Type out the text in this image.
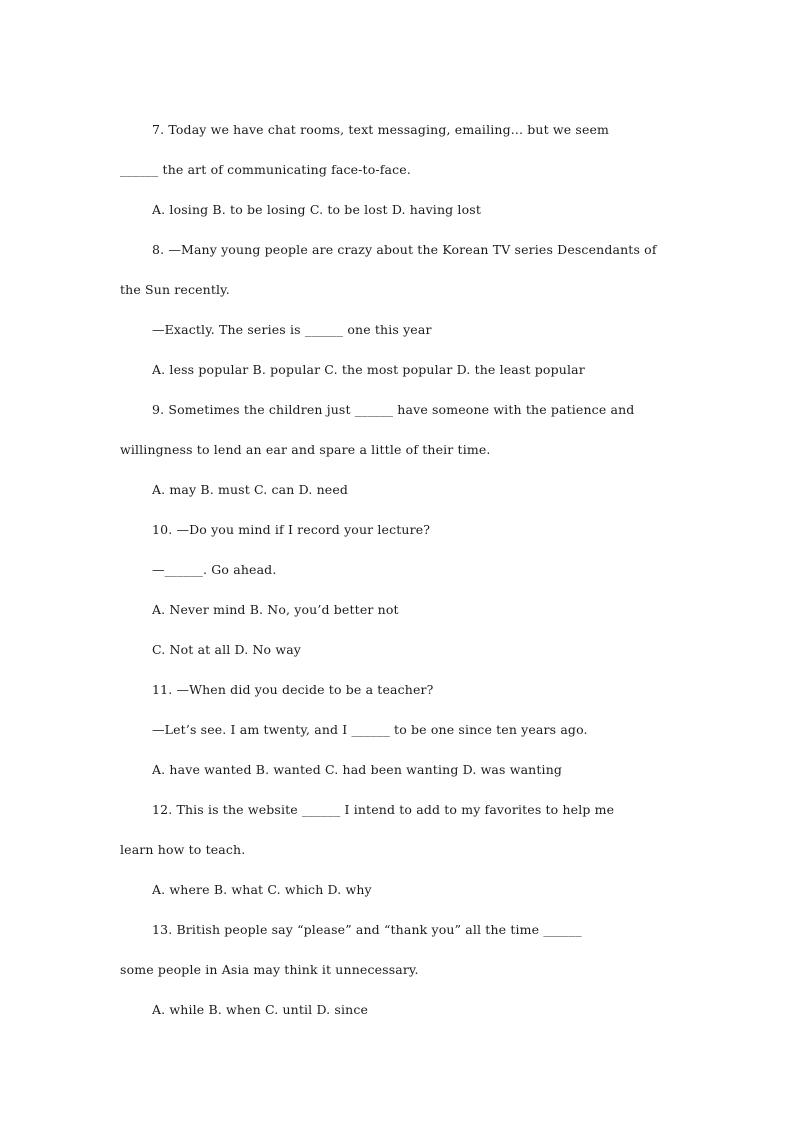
7. Today we have chat rooms, text messaging, emailing... but we seem
______ the art of communicating face-to-face.
A. losing B. to be losing C. to be lost D. having lost
8. —Many young people are crazy about the Korean TV series Descendants of
the Sun recently.
—Exactly. The series is ______ one this year
A. less popular B. popular C. the most popular D. the least popular
9. Sometimes the children just ______ have someone with the patience and
willingness to lend an ear and spare a little of their time.
A. may B. must C. can D. need
10. —Do you mind if I record your lecture?
—______. Go ahead.
A. Never mind B. No, you’d better not
C. Not at all D. No way
11. —When did you decide to be a teacher?
—Let’s see. I am twenty, and I ______ to be one since ten years ago.
A. have wanted B. wanted C. had been wanting D. was wanting
12. This is the website ______ I intend to add to my favorites to help me
learn how to teach.
A. where B. what C. which D. why
13. British people say “please” and “thank you” all the time ______
some people in Asia may think it unnecessary.
A. while B. when C. until D. since
